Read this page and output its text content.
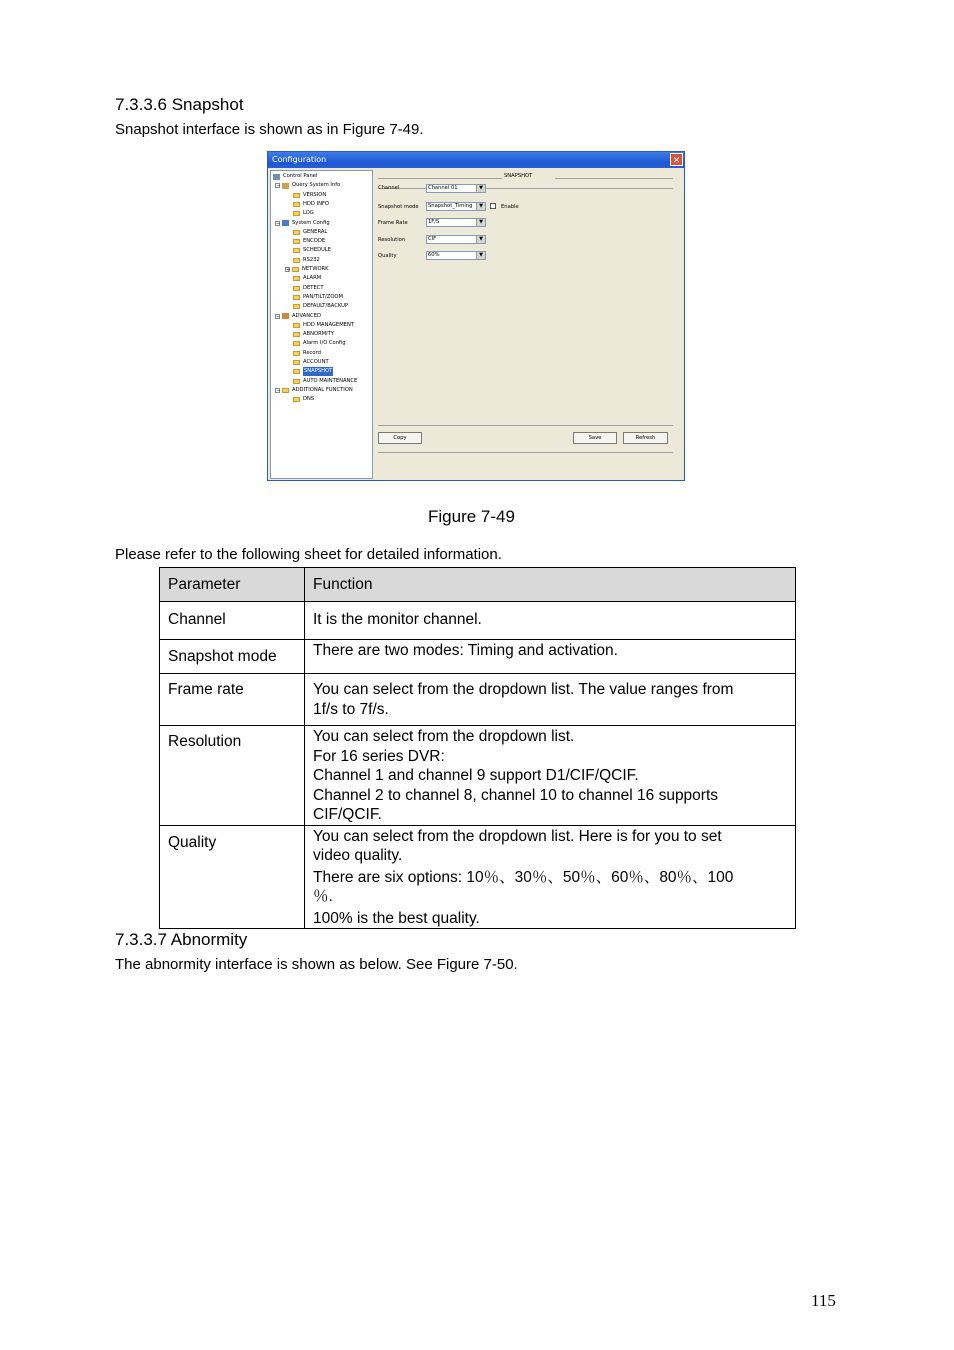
7.3.3.6 Snapshot
Snapshot interface is shown as in Figure 7-49.
Configuration	✕
Control Panel
− Query System Info
VERSION
HDD INFO
LOG
− System Config
GENERAL
ENCODE
SCHEDULE
RS232
+ NETWORK
ALARM
DETECT
PAN/TILT/ZOOM
DEFAULT/BACKUP
− ADVANCED
HDD MANAGEMENT
ABNORMITY
Alarm I/O Config
Record
ACCOUNT
SNAPSHOT
AUTO MAINTENANCE
− ADDITIONAL FUNCTION
DNS
SNAPSHOT
Channel	Channel 01	▼
Snapshot mode	Snapshot_Timing	▼	Enable
Frame Rate	1F/S	▼
Resolution	CIF	▼
Quality	60%	▼
Copy	Save	Refresh
Figure 7-49
Please refer to the following sheet for detailed information.
Parameter	Function
Channel	It is the monitor channel.

Snapshot mode	There are two modes: Timing and activation.

Frame rate	You can select from the dropdown list. The value ranges from
1f/s to 7f/s.

Resolution	You can select from the dropdown list.
For 16 series DVR:
Channel 1 and channel 9 support D1/CIF/QCIF.
Channel 2 to channel 8, channel 10 to channel 16 supports
CIF/QCIF.

Quality	You can select from the dropdown list. Here is for you to set
video quality.
There are six options: 10％、30％、50％、60％、80％、100
％.
100% is the best quality.
7.3.3.7 Abnormity
The abnormity interface is shown as below. See Figure 7-50.
115
